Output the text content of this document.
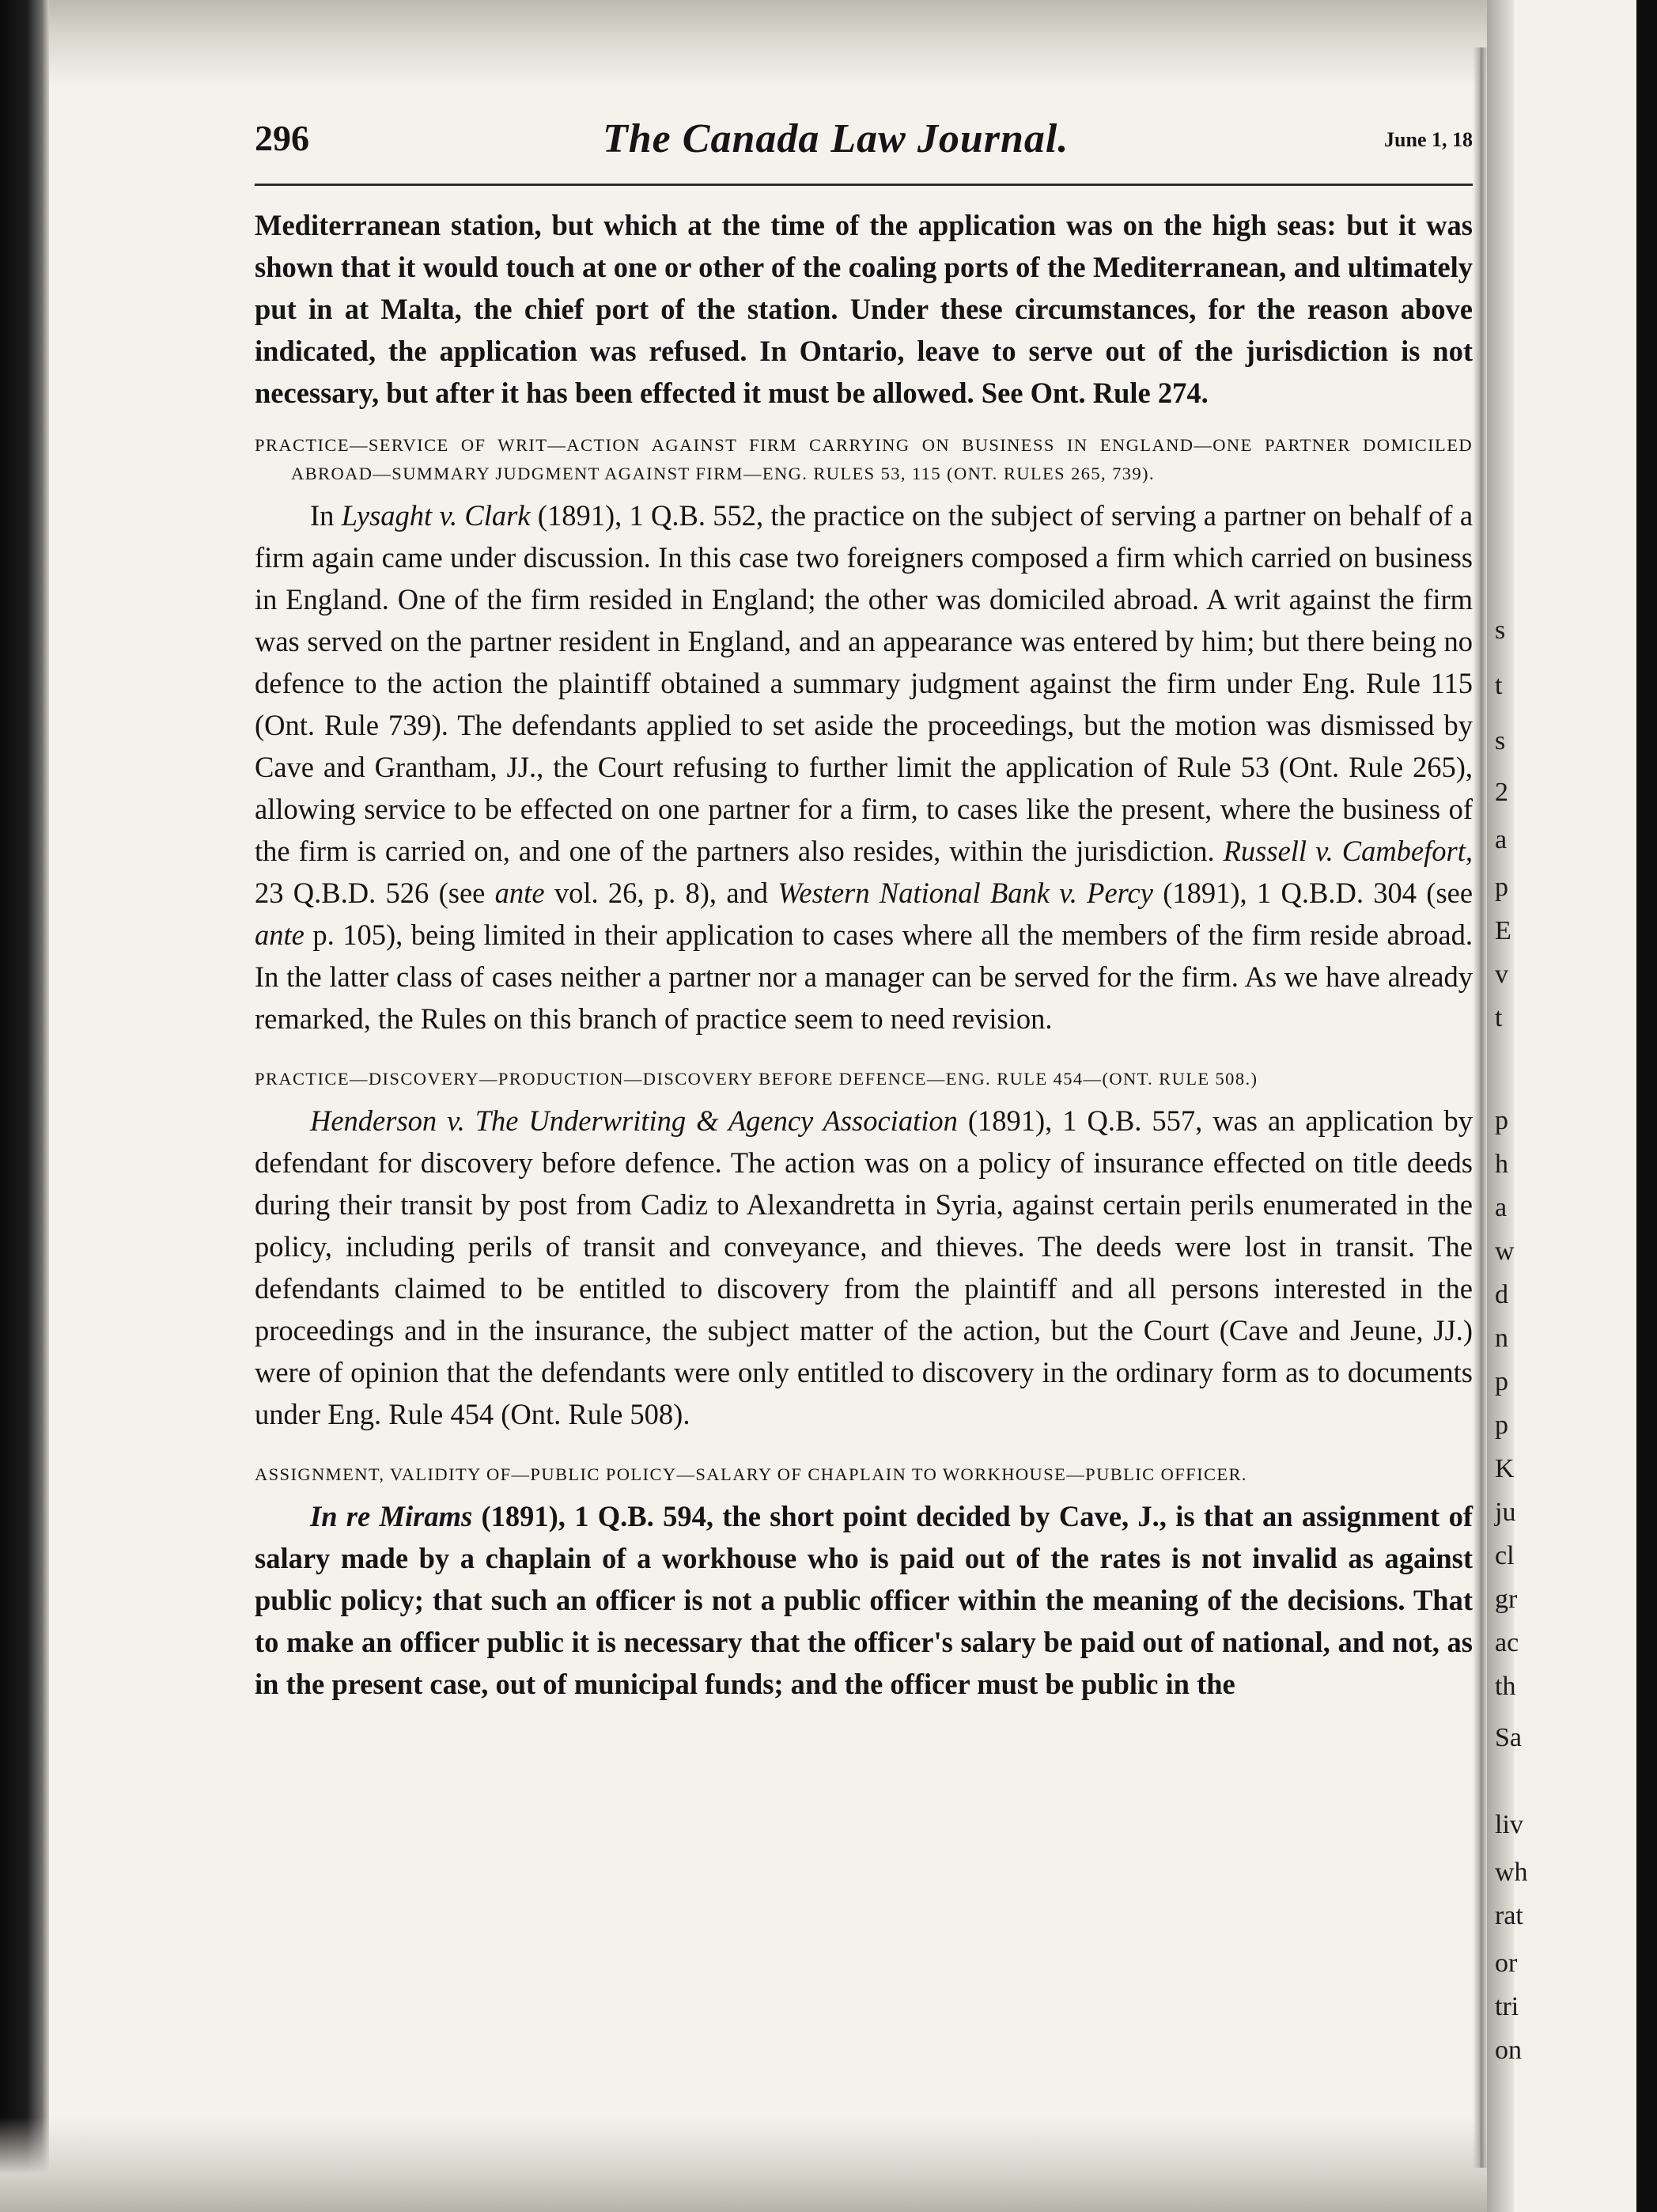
s
t
s
2
a
p
E
v
t
p
h
a
w
d
n
p
p
K
ju
cl
gr
ac
th
Sa
liv
wh
rat
or
tri
on
296	The Canada Law Journal.	June 1, 18

Mediterranean station, but which at the time of the application was on the high seas: but it was shown that it would touch at one or other of the coaling ports of the Mediterranean, and ultimately put in at Malta, the chief port of the station. Under these circumstances, for the reason above indicated, the application was refused. In Ontario, leave to serve out of the jurisdiction is not necessary, but after it has been effected it must be allowed. See Ont. Rule 274.

PRACTICE—SERVICE OF WRIT—ACTION AGAINST FIRM CARRYING ON BUSINESS IN ENGLAND—ONE PARTNER DOMICILED ABROAD—SUMMARY JUDGMENT AGAINST FIRM—ENG. RULES 53, 115 (ONT. RULES 265, 739).

In Lysaght v. Clark (1891), 1 Q.B. 552, the practice on the subject of serving a partner on behalf of a firm again came under discussion. In this case two foreigners composed a firm which carried on business in England. One of the firm resided in England; the other was domiciled abroad. A writ against the firm was served on the partner resident in England, and an appearance was entered by him; but there being no defence to the action the plaintiff obtained a summary judgment against the firm under Eng. Rule 115 (Ont. Rule 739). The defendants applied to set aside the proceedings, but the motion was dismissed by Cave and Grantham, JJ., the Court refusing to further limit the application of Rule 53 (Ont. Rule 265), allowing service to be effected on one partner for a firm, to cases like the present, where the business of the firm is carried on, and one of the partners also resides, within the jurisdiction. Russell v. Cambefort, 23 Q.B.D. 526 (see ante vol. 26, p. 8), and Western National Bank v. Percy (1891), 1 Q.B.D. 304 (see ante p. 105), being limited in their application to cases where all the members of the firm reside abroad. In the latter class of cases neither a partner nor a manager can be served for the firm. As we have already remarked, the Rules on this branch of practice seem to need revision.

PRACTICE—DISCOVERY—PRODUCTION—DISCOVERY BEFORE DEFENCE—ENG. RULE 454—(ONT. RULE 508.)

Henderson v. The Underwriting & Agency Association (1891), 1 Q.B. 557, was an application by defendant for discovery before defence. The action was on a policy of insurance effected on title deeds during their transit by post from Cadiz to Alexandretta in Syria, against certain perils enumerated in the policy, including perils of transit and conveyance, and thieves. The deeds were lost in transit. The defendants claimed to be entitled to discovery from the plaintiff and all persons interested in the proceedings and in the insurance, the subject matter of the action, but the Court (Cave and Jeune, JJ.) were of opinion that the defendants were only entitled to discovery in the ordinary form as to documents under Eng. Rule 454 (Ont. Rule 508).

ASSIGNMENT, VALIDITY OF—PUBLIC POLICY—SALARY OF CHAPLAIN TO WORKHOUSE—PUBLIC OFFICER.

In re Mirams (1891), 1 Q.B. 594, the short point decided by Cave, J., is that an assignment of salary made by a chaplain of a workhouse who is paid out of the rates is not invalid as against public policy; that such an officer is not a public officer within the meaning of the decisions. That to make an officer public it is necessary that the officer's salary be paid out of national, and not, as in the present case, out of municipal funds; and the officer must be public in the
